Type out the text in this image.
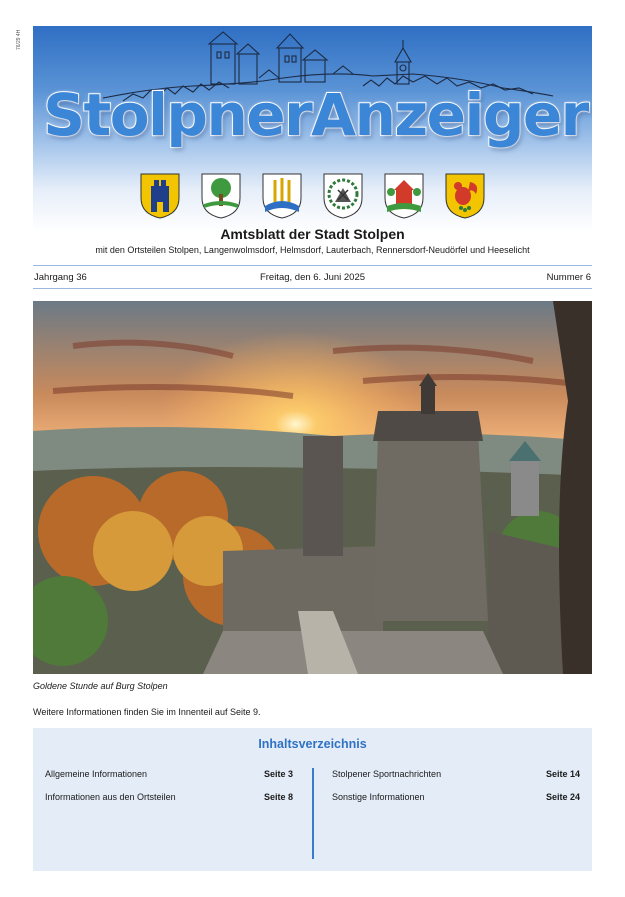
76/29 4H
StolpnerAnzeiger
Amtsblatt der Stadt Stolpen
mit den Ortsteilen Stolpen, Langenwolmsdorf, Helmsdorf, Lauterbach, Rennersdorf-Neudörfel und Heeselicht
Jahrgang 36	Freitag, den 6. Juni 2025	Nummer 6
Goldene Stunde auf Burg Stolpen
Weitere Informationen finden Sie im Innenteil auf Seite 9.
Inhaltsverzeichnis
Allgemeine Informationen	Seite 3
Informationen aus den Ortsteilen	Seite 8
Stolpener Sportnachrichten	Seite 14
Sonstige Informationen	Seite 24
